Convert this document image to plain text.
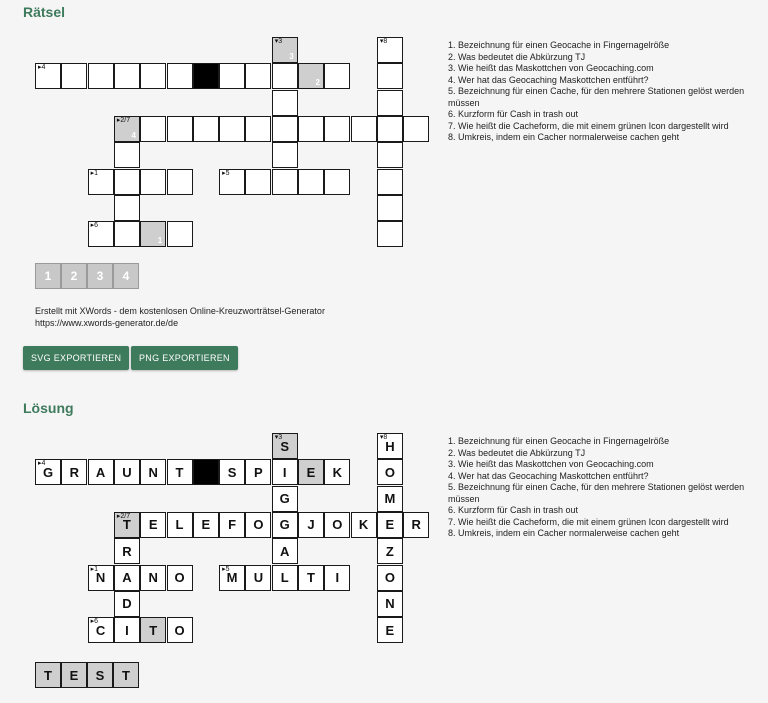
Rätsel
▸4
2
3
▾3	▾8
4
▸2/7
▸1	▸5
▸6
1
1. Bezeichnung für einen Geocache in Fingernagelröße
2. Was bedeutet die Abkürzung TJ
3. Wie heißt das Maskottchen von Geocaching.com
4. Wer hat das Geocaching Maskottchen entführt?
5. Bezeichnung für einen Cache, für den mehrere Stationen gelöst werden müssen
6. Kurzform für Cash in trash out
7. Wie heißt die Cacheform, die mit einem grünen Icon dargestellt wird
8. Umkreis, indem ein Cacher normalerweise cachen geht
1	2	3	4
Erstellt mit XWords - dem kostenlosen Online-Kreuzworträtsel-Generator
https://www.xwords-generator.de/de
SVG EXPORTIEREN	PNG EXPORTIEREN
Lösung
G
▸4
R	A	U	N	T	S	P	I	E	K
S
▾3
G
G
A
H
▾8
O
M
E
Z
O
N
E
T
▸2/7
E	L	E	F	O	J	O	K	R
R
A
D
I
N
▸1
N	O	M
▸5
U	L	T	I
C
▸6
T	O
1. Bezeichnung für einen Geocache in Fingernagelröße
2. Was bedeutet die Abkürzung TJ
3. Wie heißt das Maskottchen von Geocaching.com
4. Wer hat das Geocaching Maskottchen entführt?
5. Bezeichnung für einen Cache, für den mehrere Stationen gelöst werden müssen
6. Kurzform für Cash in trash out
7. Wie heißt die Cacheform, die mit einem grünen Icon dargestellt wird
8. Umkreis, indem ein Cacher normalerweise cachen geht
T	E	S	T
